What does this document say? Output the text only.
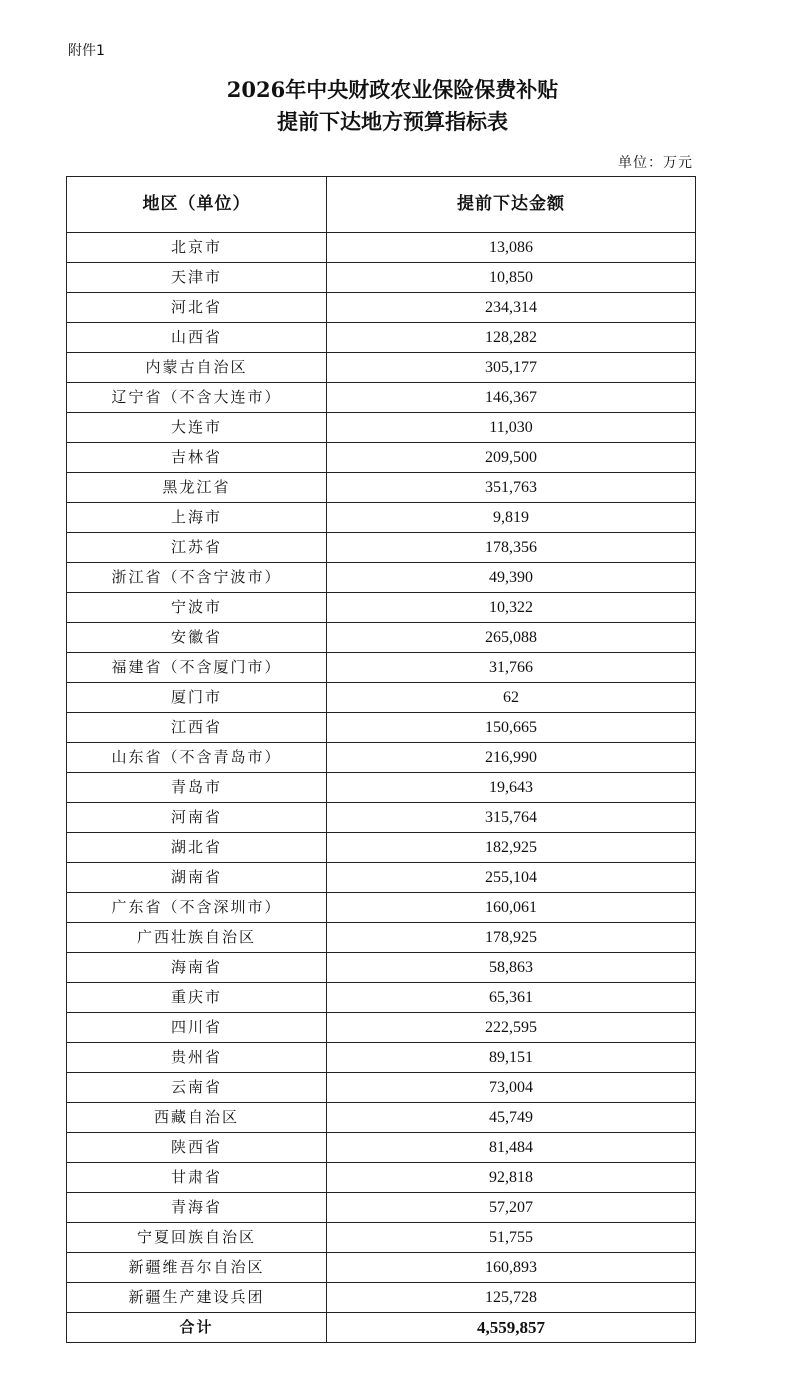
附件1
2026年中央财政农业保险保费补贴
提前下达地方预算指标表
单位：万元
地区（单位）	提前下达金额
北京市	13,086
天津市	10,850
河北省	234,314
山西省	128,282
内蒙古自治区	305,177
辽宁省（不含大连市）	146,367
大连市	11,030
吉林省	209,500
黑龙江省	351,763
上海市	9,819
江苏省	178,356
浙江省（不含宁波市）	49,390
宁波市	10,322
安徽省	265,088
福建省（不含厦门市）	31,766
厦门市	62
江西省	150,665
山东省（不含青岛市）	216,990
青岛市	19,643
河南省	315,764
湖北省	182,925
湖南省	255,104
广东省（不含深圳市）	160,061
广西壮族自治区	178,925
海南省	58,863
重庆市	65,361
四川省	222,595
贵州省	89,151
云南省	73,004
西藏自治区	45,749
陕西省	81,484
甘肃省	92,818
青海省	57,207
宁夏回族自治区	51,755
新疆维吾尔自治区	160,893
新疆生产建设兵团	125,728
合计	4,559,857
